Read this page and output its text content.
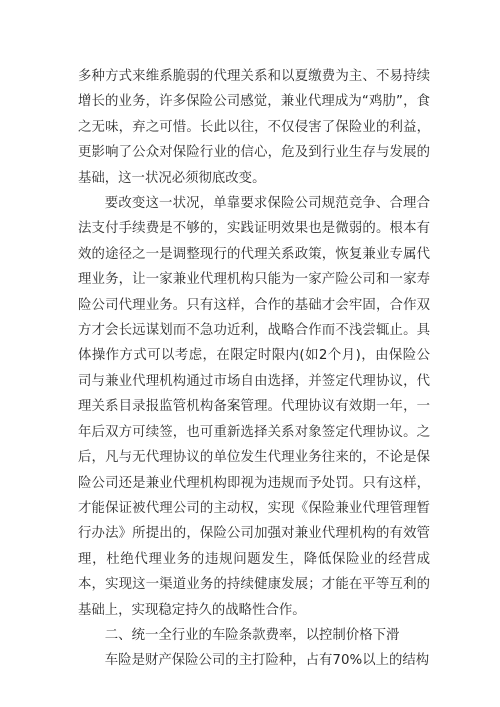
多种方式来维系脆弱的代理关系和以夏缴费为主、不易持续增长的业务，许多保险公司感觉，兼业代理成为“鸡肋”，食之无味，弃之可惜。长此以往，不仅侵害了保险业的利益，更影响了公众对保险行业的信心，危及到行业生存与发展的基础，这一状况必须彻底改变。

要改变这一状况，单靠要求保险公司规范竞争、合理合法支付手续费是不够的，实践证明效果也是微弱的。根本有效的途径之一是调整现行的代理关系政策，恢复兼业专属代理业务，让一家兼业代理机构只能为一家产险公司和一家寿险公司代理业务。只有这样，合作的基础才会牢固，合作双方才会长远谋划而不急功近利，战略合作而不浅尝辄止。具体操作方式可以考虑，在限定时限内(如2个月)，由保险公司与兼业代理机构通过市场自由选择，并签定代理协议，代理关系目录报监管机构备案管理。代理协议有效期一年，一年后双方可续签，也可重新选择关系对象签定代理协议。之后，凡与无代理协议的单位发生代理业务往来的，不论是保险公司还是兼业代理机构即视为违规而予处罚。只有这样，才能保证被代理公司的主动权，实现《保险兼业代理管理暂行办法》所提出的，保险公司加强对兼业代理机构的有效管理，杜绝代理业务的违规问题发生，降低保险业的经营成本，实现这一渠道业务的持续健康发展；才能在平等互利的基础上，实现稳定持久的战略性合作。

二、统一全行业的车险条款费率，以控制价格下滑

车险是财产保险公司的主打险种，占有70%以上的结构
